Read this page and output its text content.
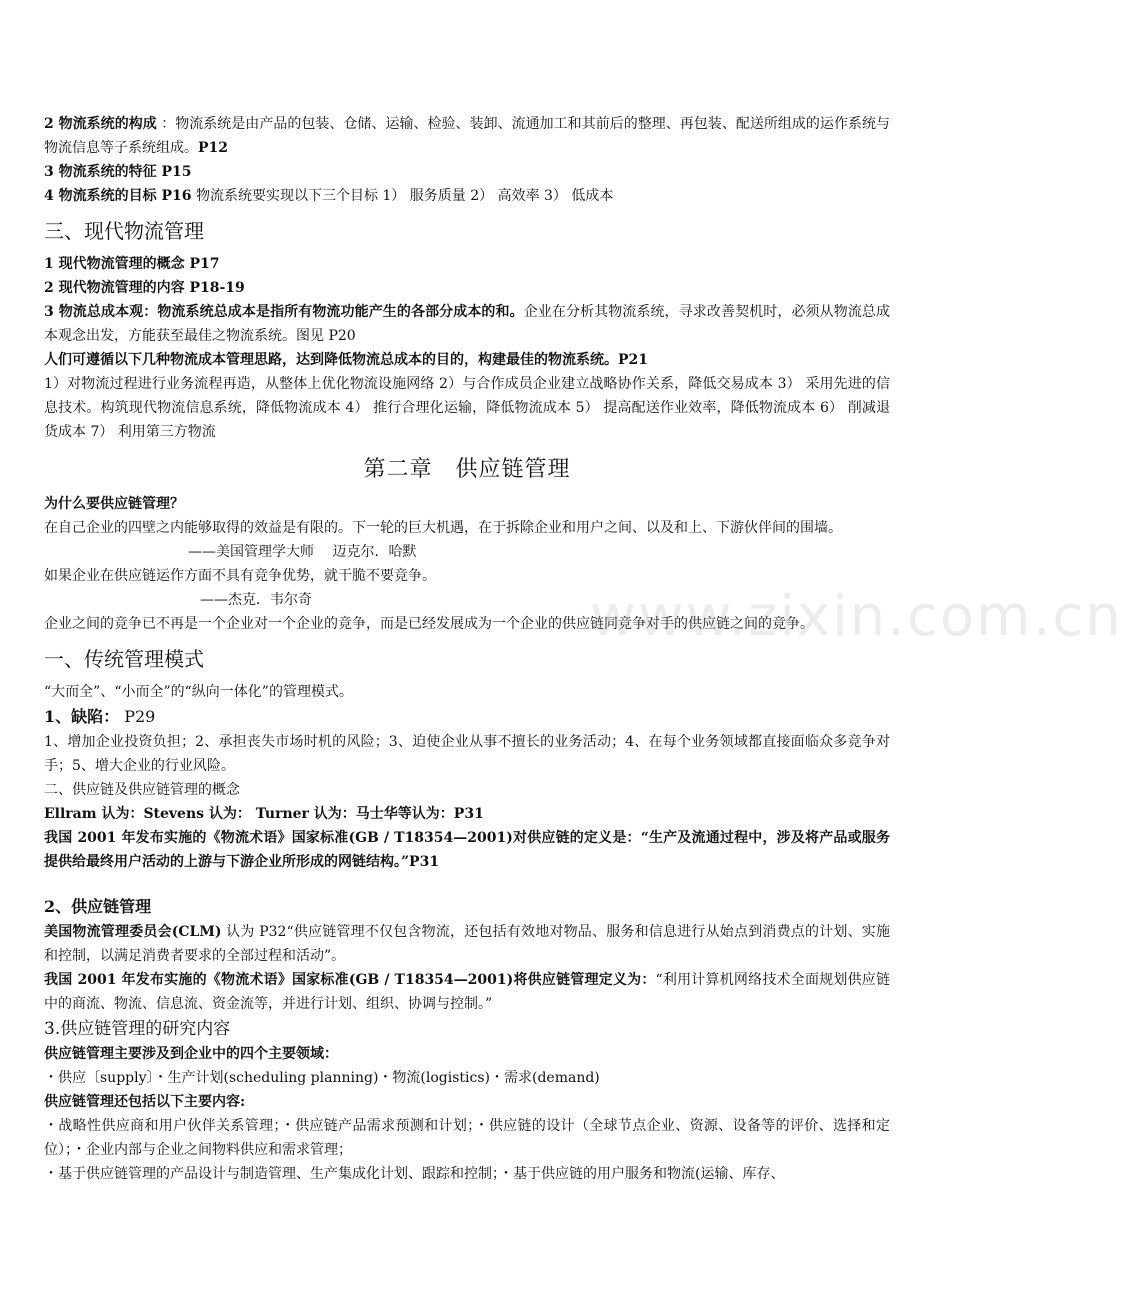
2 物流系统的构成 ：物流系统是由产品的包装、仓储、运输、检验、装卸、流通加工和其前后的整理、再包装、配送所组成的运作系统与物流信息等子系统组成。P12

3 物流系统的特征 P15

4 物流系统的目标 P16 物流系统要实现以下三个目标 1） 服务质量 2） 高效率 3） 低成本

三、现代物流管理

1 现代物流管理的概念 P17

2 现代物流管理的内容 P18-19

3 物流总成本观：物流系统总成本是指所有物流功能产生的各部分成本的和。企业在分析其物流系统，寻求改善契机时，必须从物流总成本观念出发，方能获至最佳之物流系统。图见 P20

人们可遵循以下几种物流成本管理思路，达到降低物流总成本的目的，构建最佳的物流系统。P21

1）对物流过程进行业务流程再造，从整体上优化物流设施网络 2）与合作成员企业建立战略协作关系，降低交易成本 3） 采用先进的信息技术。构筑现代物流信息系统，降低物流成本 4） 推行合理化运输，降低物流成本 5） 提高配送作业效率，降低物流成本 6） 削减退货成本 7） 利用第三方物流

第二章　供应链管理

为什么要供应链管理？

在自己企业的四壁之内能够取得的效益是有限的。下一轮的巨大机遇，在于拆除企业和用户之间、以及和上、下游伙伴间的围墙。

——美国管理学大师　 迈克尔．哈默

如果企业在供应链运作方面不具有竞争优势，就干脆不要竞争。

——杰克．韦尔奇

企业之间的竞争已不再是一个企业对一个企业的竞争，而是已经发展成为一个企业的供应链同竞争对手的供应链之间的竞争。

一、传统管理模式

“大而全”、“小而全”的“纵向一体化”的管理模式。

1、缺陷： P29

1、增加企业投资负担；2、承担丧失市场时机的风险；3、迫使企业从事不擅长的业务活动；4、在每个业务领域都直接面临众多竞争对手；5、增大企业的行业风险。

二、供应链及供应链管理的概念

Ellram 认为：Stevens 认为： Turner 认为：马士华等认为：P31

我国 2001 年发布实施的《物流术语》国家标准(GB / T18354—2001)对供应链的定义是：“生产及流通过程中，涉及将产品或服务提供给最终用户活动的上游与下游企业所形成的网链结构。”P31

2、供应链管理

美国物流管理委员会(CLM) 认为 P32“供应链管理不仅包含物流，还包括有效地对物品、服务和信息进行从始点到消费点的计划、实施和控制，以满足消费者要求的全部过程和活动”。

我国 2001 年发布实施的《物流术语》国家标准(GB / T18354—2001)将供应链管理定义为：“利用计算机网络技术全面规划供应链中的商流、物流、信息流、资金流等，并进行计划、组织、协调与控制。”

3.供应链管理的研究内容

供应链管理主要涉及到企业中的四个主要领域：

・供应〔supply〕・生产计划(scheduling planning)・物流(logistics)・需求(demand)

供应链管理还包括以下主要内容:

・战略性供应商和用户伙伴关系管理；・供应链产品需求预测和计划；・供应链的设计（全球节点企业、资源、设备等的评价、选择和定位）；・企业内部与企业之间物料供应和需求管理；

・基于供应链管理的产品设计与制造管理、生产集成化计划、跟踪和控制；・基于供应链的用户服务和物流(运输、库存、

www.zixin.com.cn
